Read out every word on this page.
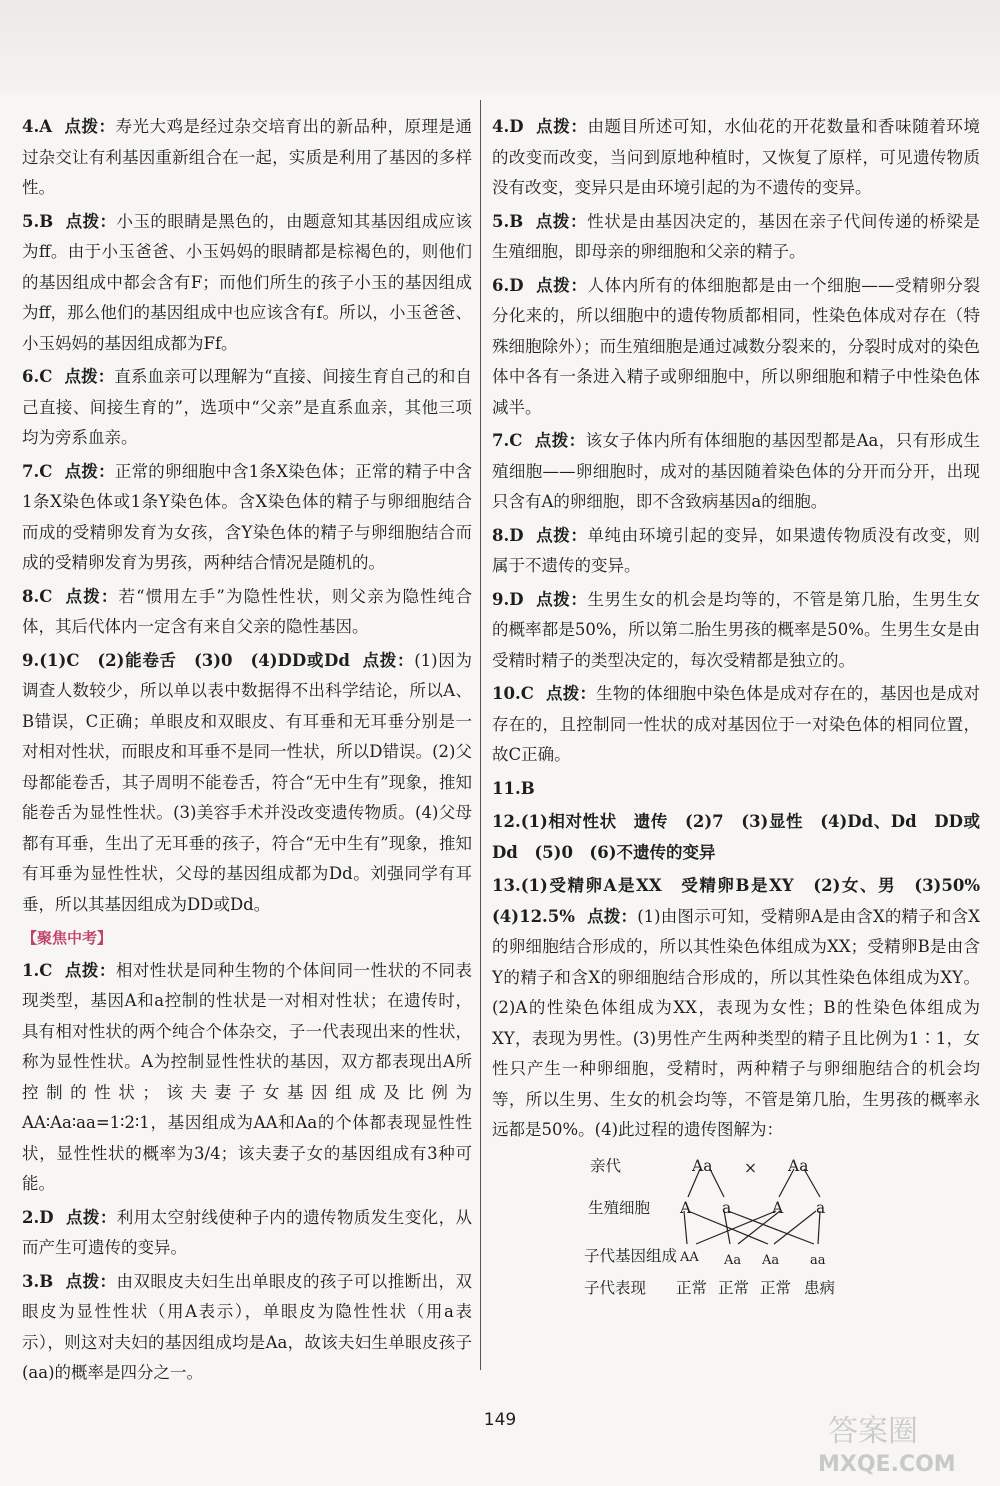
4.A 点拨：寿光大鸡是经过杂交培育出的新品种，原理是通过杂交让有利基因重新组合在一起，实质是利用了基因的多样性。
5.B 点拨：小玉的眼睛是黑色的，由题意知其基因组成应该为ff。由于小玉爸爸、小玉妈妈的眼睛都是棕褐色的，则他们的基因组成中都会含有F；而他们所生的孩子小玉的基因组成为ff，那么他们的基因组成中也应该含有f。所以，小玉爸爸、小玉妈妈的基因组成都为Ff。
6.C 点拨：直系血亲可以理解为“直接、间接生育自己的和自己直接、间接生育的”，选项中“父亲”是直系血亲，其他三项均为旁系血亲。
7.C 点拨：正常的卵细胞中含1条X染色体；正常的精子中含1条X染色体或1条Y染色体。含X染色体的精子与卵细胞结合而成的受精卵发育为女孩，含Y染色体的精子与卵细胞结合而成的受精卵发育为男孩，两种结合情况是随机的。
8.C 点拨：若“惯用左手”为隐性性状，则父亲为隐性纯合体，其后代体内一定含有来自父亲的隐性基因。
9.(1)C　(2)能卷舌　(3)0　(4)DD或Dd 点拨：(1)因为调查人数较少，所以单以表中数据得不出科学结论，所以A、B错误，C正确；单眼皮和双眼皮、有耳垂和无耳垂分别是一对相对性状，而眼皮和耳垂不是同一性状，所以D错误。(2)父母都能卷舌，其子周明不能卷舌，符合“无中生有”现象，推知能卷舌为显性性状。(3)美容手术并没改变遗传物质。(4)父母都有耳垂，生出了无耳垂的孩子，符合“无中生有”现象，推知有耳垂为显性性状，父母的基因组成都为Dd。刘强同学有耳垂，所以其基因组成为DD或Dd。
【聚焦中考】
1.C 点拨：相对性状是同种生物的个体间同一性状的不同表现类型，基因A和a控制的性状是一对相对性状；在遗传时，具有相对性状的两个纯合个体杂交，子一代表现出来的性状，称为显性性状。A为控制显性性状的基因，双方都表现出A所控制的性状；该夫妻子女基因组成及比例为AA∶Aa∶aa=1∶2∶1，基因组成为AA和Aa的个体都表现显性性状，显性性状的概率为3/4；该夫妻子女的基因组成有3种可能。
2.D 点拨：利用太空射线使种子内的遗传物质发生变化，从而产生可遗传的变异。
3.B 点拨：由双眼皮夫妇生出单眼皮的孩子可以推断出，双眼皮为显性性状（用A表示），单眼皮为隐性性状（用a表示），则这对夫妇的基因组成均是Aa，故该夫妇生单眼皮孩子(aa)的概率是四分之一。
4.D 点拨：由题目所述可知，水仙花的开花数量和香味随着环境的改变而改变，当问到原地种植时，又恢复了原样，可见遗传物质没有改变，变异只是由环境引起的为不遗传的变异。
5.B 点拨：性状是由基因决定的，基因在亲子代间传递的桥梁是生殖细胞，即母亲的卵细胞和父亲的精子。
6.D 点拨：人体内所有的体细胞都是由一个细胞——受精卵分裂分化来的，所以细胞中的遗传物质都相同，性染色体成对存在（特殊细胞除外）；而生殖细胞是通过减数分裂来的，分裂时成对的染色体中各有一条进入精子或卵细胞中，所以卵细胞和精子中性染色体减半。
7.C 点拨：该女子体内所有体细胞的基因型都是Aa，只有形成生殖细胞——卵细胞时，成对的基因随着染色体的分开而分开，出现只含有A的卵细胞，即不含致病基因a的细胞。
8.D 点拨：单纯由环境引起的变异，如果遗传物质没有改变，则属于不遗传的变异。
9.D 点拨：生男生女的机会是均等的，不管是第几胎，生男生女的概率都是50%，所以第二胎生男孩的概率是50%。生男生女是由受精时精子的类型决定的，每次受精都是独立的。
10.C 点拨：生物的体细胞中染色体是成对存在的，基因也是成对存在的，且控制同一性状的成对基因位于一对染色体的相同位置，故C正确。
11.B
12.(1)相对性状　遗传　(2)7　(3)显性　(4)Dd、Dd　DD或Dd　(5)0　(6)不遗传的变异
13.(1)受精卵A是XX　受精卵B是XY　(2)女、男　(3)50%　(4)12.5% 点拨：(1)由图示可知，受精卵A是由含X的精子和含X的卵细胞结合形成的，所以其性染色体组成为XX；受精卵B是由含Y的精子和含X的卵细胞结合形成的，所以其性染色体组成为XY。(2)A的性染色体组成为XX，表现为女性；B的性染色体组成为XY，表现为男性。(3)男性产生两种类型的精子且比例为1∶1，女性只产生一种卵细胞，受精时，两种精子与卵细胞结合的机会均等，所以生男、生女的机会均等，不管是第几胎，生男孩的概率永远都是50%。(4)此过程的遗传图解为：
亲代	Aa × Aa
生殖细胞 A a	A a
子代基因组成 AA Aa Aa aa
子代表现 正常 正常 正常 患病
149	答案圈
MXQE.COM
